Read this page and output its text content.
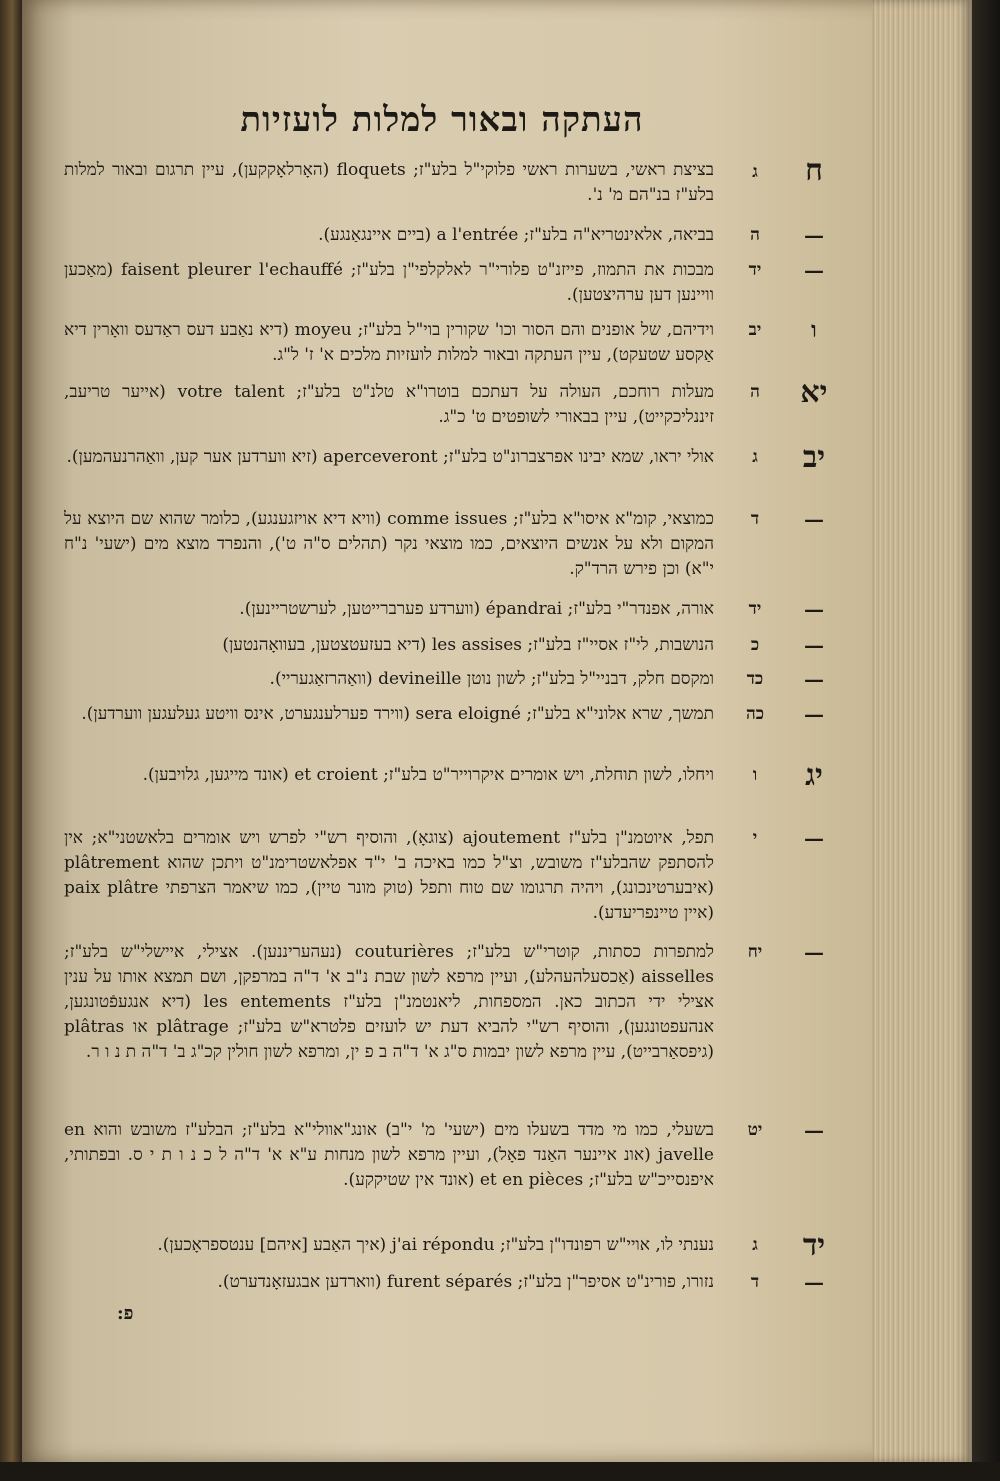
העתקה ובאור למלות לועזיות
ח
ג
בציצת ראשי, בשערות ראשי פלוקי"ל בלע"ז; floquets (האָרלאָקקען), עיין תרגום ובאור למלות בלע"ז בנ"הם מ' נ'.
—
ה
בביאה, אלאינטריא"ה בלע"ז; a l'entrée (ביים איינגאַנגע).
—
יד
מבכות את התמוז, פייזנ"ט פלורי"ר לאלקלפי"ן בלע"ז; faisent pleurer l'echauffé (מאַכען וויינען דען ערהיצטען).
ו
יב
וידיהם, של אופנים והם הסור וכו' שקורין בוי"ל בלע"ז; moyeu (דיא נאַבע דעס ראַדעס וואָרין דיא אַקסע שטעקט), עיין העתקה ובאור למלות לועזיות מלכים א' ז' ל"ג.
יא
ה
מעלות רוחכם, העולה על דעתכם בוטרו"א טלנ"ט בלע"ז; votre talent (אייער טריעב, זיננליכקייט), עיין בבאורי לשופטים ט' כ"ג.
יב
ג
אולי יראו, שמא יבינו אפרצברונ"ט בלע"ז; aperceveront (זיא ווערדען אער קען, וואַהרנעהמען).
—
ד
כמוצאי, קומ"א איסו"א בלע"ז; comme issues (וויא דיא אויזגענגע), כלומר שהוא שם היוצא על המקום ולא על אנשים היוצאים, כמו מוצאי נקר (תהלים ס"ה ט'), והנפרד מוצא מים (ישעי' נ"ח י"א) וכן פירש הרד"ק.
—
יד
אורה, אפנדר"י בלע"ז; épandrai (ווערדע פערברייטען, לערשטריינען).
—
כ
הנושבות, לי"ז אסיי"ז בלע"ז; les assises (דיא בעזעטצטען, בעוואָהנטען)
—
כד
ומקסם חלק, דבניי"ל בלע"ז; לשון נוטן devineille (וואַהרזאַגעריי).
—
כה
תמשך, שרא אלוני"א בלע"ז; sera eloigné (ווירד פערלענגערט, אינס וויטע געלעגען ווערדען).
יג
ו
ויחלו, לשון תוחלת, ויש אומרים איקרוייר"ט בלע"ז; et croient (אונד מייגען, גלויבען).
—
י
תפל, איוטמנ"ן בלע"ז ajoutement (צוגאָ), והוסיף רש"י לפרש ויש אומרים בלאשטני"א; אין להסתפק שהבלע"ז משובש, וצ"ל כמו באיכה ב' י"ד אפלאשטרימנ"ט ויתכן שהוא plâtrement (איבערטינכונג), ויהיה תרגומו שם טוח ותפל (טוק מונר טיין), כמו שיאמר הצרפתי paix plâtre (איין טיינפריעדע).
—
יח
למתפרות כסתות, קוטרי"ש בלע"ז; couturières (נעהעריננען). אצילי, איישלי"ש בלע"ז; aisselles (אַכסעלהעהלע), ועיין מרפא לשון שבת נ"ב א' ד"ה במרפקן, ושם תמצא אותו על ענין אצילי ידי הכתוב כאן. המספחות, ליאנטמנ"ן בלע"ז les entements (דיא אנגעפֿטונגען, אנהעפטונגען), והוסיף רש"י להביא דעת יש לועזים פלטרא"ש בלע"ז; plâtrage או plâtras (גיפסאַרבייט), עיין מרפא לשון יבמות ס"ג א' ד"ה ב פ ין, ומרפא לשון חולין קכ"ג ב' ד"ה ת נ ו ר.
—
יט
בשעלי, כמו מי מדד בשעלו מים (ישעי' מ' י"ב) אונג"אוולי"א בלע"ז; הבלע"ז משובש והוא en javelle (אונ איינער האַנד פאָל), ועיין מרפא לשון מנחות ע"א א' ד"ה ל כ נ ו ת י ס. ובפתותי, איפנסייכ"ש בלע"ז; et en pièces (אונד אין שטיקקע).
יד
ג
נענתי לו, אויי"ש רפונדו"ן בלע"ז; j'ai répondu (איך האַבע [איהם] ענטספראָכען).
—
ד
נזורו, פורינ"ט אסיפר"ן בלע"ז; furent séparés (ווארדען אבגעזאָנדערט).
פ:
